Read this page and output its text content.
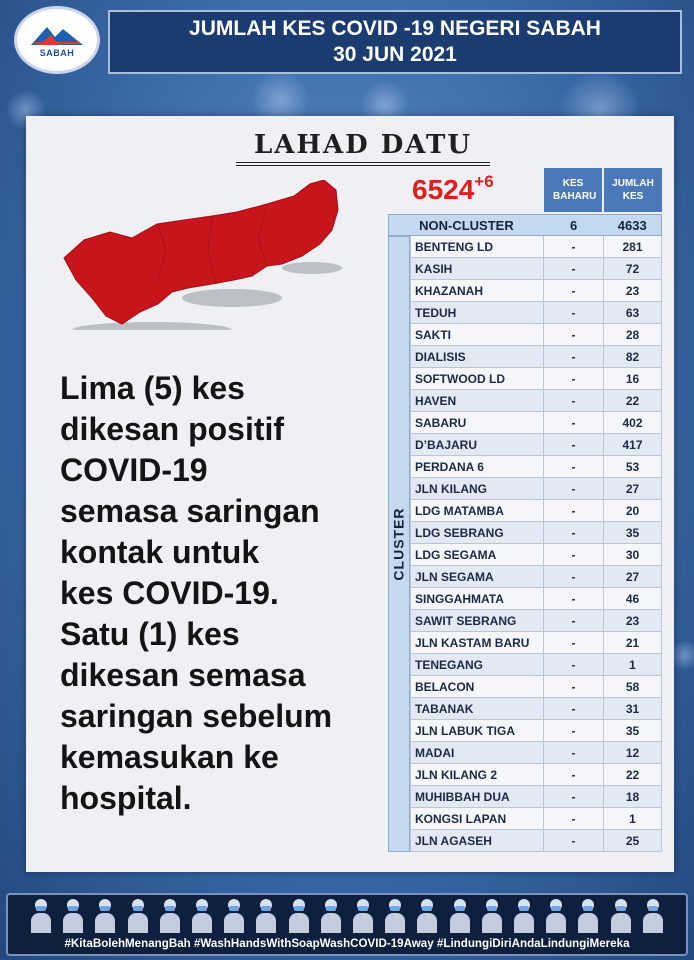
SABAH
JUMLAH KES COVID -19 NEGERI SABAH
30 JUN 2021
LAHAD DATU
$6524^{+6}$
Lima (5) kes
dikesan positif
COVID-19
semasa saringan
kontak untuk
kes COVID-19.
Satu (1) kes
dikesan semasa
saringan sebelum
kemasukan ke
hospital.
KES BAHARU
JUMLAH KES
NON-CLUSTER	6	4633
CLUSTER
BENTENG LD	-	281
KASIH	-	72
KHAZANAH	-	23
TEDUH	-	63
SAKTI	-	28
DIALISIS	-	82
SOFTWOOD LD	-	16
HAVEN	-	22
SABARU	-	402
D’BAJARU	-	417
PERDANA 6	-	53
JLN KILANG	-	27
LDG MATAMBA	-	20
LDG SEBRANG	-	35
LDG SEGAMA	-	30
JLN SEGAMA	-	27
SINGGAHMATA	-	46
SAWIT SEBRANG	-	23
JLN KASTAM BARU	-	21
TENEGANG	-	1
BELACON	-	58
TABANAK	-	31
JLN LABUK TIGA	-	35
MADAI	-	12
JLN KILANG 2	-	22
MUHIBBAH DUA	-	18
KONGSI LAPAN	-	1
JLN AGASEH	-	25
#KitaBolehMenangBah #WashHandsWithSoapWashCOVID-19Away #LindungiDiriAndaLindungiMereka
